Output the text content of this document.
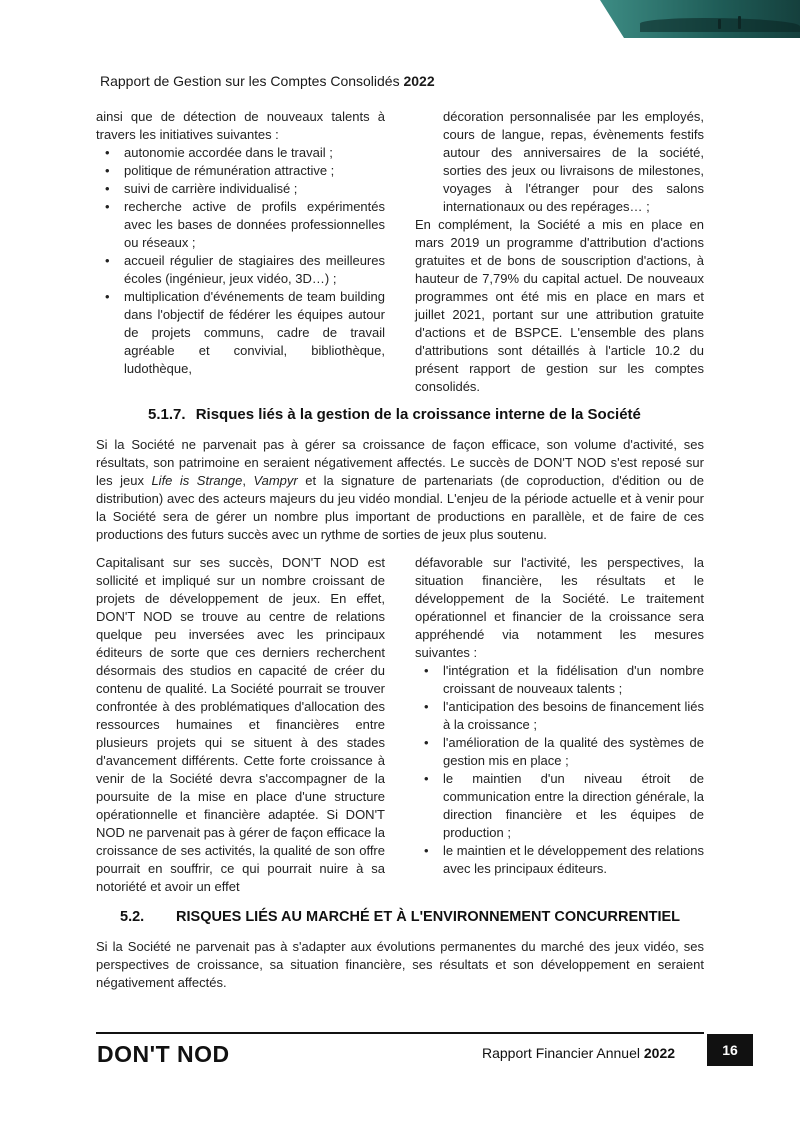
Rapport de Gestion sur les Comptes Consolidés 2022

ainsi que de détection de nouveaux talents à travers les initiatives suivantes :

• autonomie accordée dans le travail ;
• politique de rémunération attractive ;
• suivi de carrière individualisé ;
• recherche active de profils expérimentés avec les bases de données professionnelles ou réseaux ;
• accueil régulier de stagiaires des meilleures écoles (ingénieur, jeux vidéo, 3D…) ;
• multiplication d'événements de team building dans l'objectif de fédérer les équipes autour de projets communs, cadre de travail agréable et convivial, bibliothèque, ludothèque,

décoration personnalisée par les employés, cours de langue, repas, évènements festifs autour des anniversaires de la société, sorties des jeux ou livraisons de milestones, voyages à l'étranger pour des salons internationaux ou des repérages… ;

En complément, la Société a mis en place en mars 2019 un programme d'attribution d'actions gratuites et de bons de souscription d'actions, à hauteur de 7,79% du capital actuel. De nouveaux programmes ont été mis en place en mars et juillet 2021, portant sur une attribution gratuite d'actions et de BSPCE. L'ensemble des plans d'attributions sont détaillés à l'article 10.2 du présent rapport de gestion sur les comptes consolidés.

5.1.7. Risques liés à la gestion de la croissance interne de la Société
Si la Société ne parvenait pas à gérer sa croissance de façon efficace, son volume d'activité, ses résultats, son patrimoine en seraient négativement affectés. Le succès de DON'T NOD s'est reposé sur les jeux Life is Strange, Vampyr et la signature de partenariats (de coproduction, d'édition ou de distribution) avec des acteurs majeurs du jeu vidéo mondial. L'enjeu de la période actuelle et à venir pour la Société sera de gérer un nombre plus important de productions en parallèle, et de faire de ces productions des futurs succès avec un rythme de sorties de jeux plus soutenu.

Capitalisant sur ses succès, DON'T NOD est sollicité et impliqué sur un nombre croissant de projets de développement de jeux. En effet, DON'T NOD se trouve au centre de relations quelque peu inversées avec les principaux éditeurs de sorte que ces derniers recherchent désormais des studios en capacité de créer du contenu de qualité. La Société pourrait se trouver confrontée à des problématiques d'allocation des ressources humaines et financières entre plusieurs projets qui se situent à des stades d'avancement différents. Cette forte croissance à venir de la Société devra s'accompagner de la poursuite de la mise en place d'une structure opérationnelle et financière adaptée. Si DON'T NOD ne parvenait pas à gérer de façon efficace la croissance de ses activités, la qualité de son offre pourrait en souffrir, ce qui pourrait nuire à sa notoriété et avoir un effet

défavorable sur l'activité, les perspectives, la situation financière, les résultats et le développement de la Société. Le traitement opérationnel et financier de la croissance sera appréhendé via notamment les mesures suivantes :

• l'intégration et la fidélisation d'un nombre croissant de nouveaux talents ;
• l'anticipation des besoins de financement liés à la croissance ;
• l'amélioration de la qualité des systèmes de gestion mis en place ;
• le maintien d'un niveau étroit de communication entre la direction générale, la direction financière et les équipes de production ;
• le maintien et le développement des relations avec les principaux éditeurs.
5.2. RISQUES LIÉS AU MARCHÉ ET À L'ENVIRONNEMENT CONCURRENTIEL
Si la Société ne parvenait pas à s'adapter aux évolutions permanentes du marché des jeux vidéo, ses perspectives de croissance, sa situation financière, ses résultats et son développement en seraient négativement affectés.
DON'T NOD	Rapport Financier Annuel 2022	16
